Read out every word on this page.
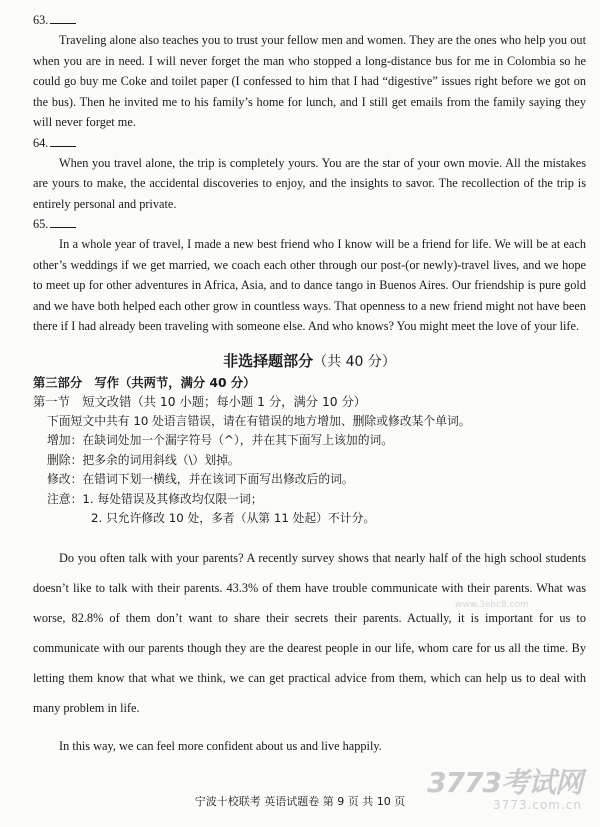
63.

Traveling alone also teaches you to trust your fellow men and women. They are the ones who help you out when you are in need. I will never forget the man who stopped a long-distance bus for me in Colombia so he could go buy me Coke and toilet paper (I confessed to him that I had “digestive” issues right before we got on the bus). Then he invited me to his family’s home for lunch, and I still get emails from the family saying they will never forget me.

64.

When you travel alone, the trip is completely yours. You are the star of your own movie. All the mistakes are yours to make, the accidental discoveries to enjoy, and the insights to savor. The recollection of the trip is entirely personal and private.

65.

In a whole year of travel, I made a new best friend who I know will be a friend for life. We will be at each other’s weddings if we get married, we coach each other through our post-(or newly)-travel lives, and we hope to meet up for other adventures in Africa, Asia, and to dance tango in Buenos Aires. Our friendship is pure gold and we have both helped each other grow in countless ways. That openness to a new friend might not have been there if I had already been traveling with someone else. And who knows? You might meet the love of your life.

非选择题部分（共 40 分）
第三部分　写作（共两节，满分 40 分）
第一节　短文改错（共 10 小题；每小题 1 分，满分 10 分）
下面短文中共有 10 处语言错误，请在有错误的地方增加、删除或修改某个单词。
增加：在缺词处加一个漏字符号（^），并在其下面写上该加的词。
删除：把多余的词用斜线（\）划掉。
修改：在错词下划一横线，并在该词下面写出修改后的词。
注意：1. 每处错误及其修改均仅限一词；
2. 只允许修改 10 处，多者（从第 11 处起）不计分。

Do you often talk with your parents? A recently survey shows that nearly half of the high school students doesn’t like to talk with their parents. 43.3% of them have trouble communicate with their parents. What was worse, 82.8% of them don’t want to share their secrets their parents. Actually, it is important for us to communicate with our parents though they are the dearest people in our life, whom care for us all the time. By letting them know that what we think, we can get practical advice from them, which can help us to deal with many problem in life.

In this way, we can feel more confident about us and live happily.

www.3ebc8.com
宁波十校联考 英语试题卷 第 9 页 共 10 页
3773考试网
3773.com.cn
